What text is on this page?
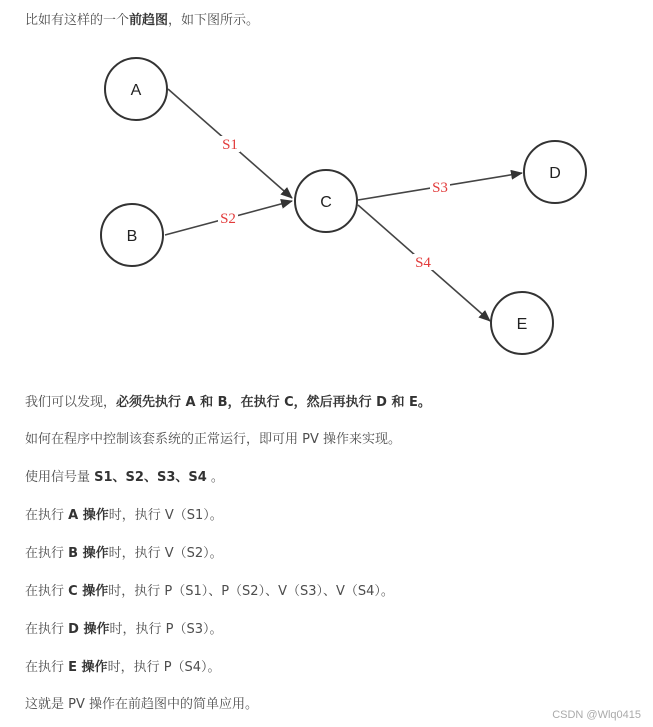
比如有这样的一个前趋图，如下图所示。

S1
S2
S3
S4
A
B
C
D
E

我们可以发现，必须先执行 A 和 B，在执行 C，然后再执行 D 和 E。

如何在程序中控制该套系统的正常运行，即可用 PV 操作来实现。

使用信号量 S1、S2、S3、S4 。

在执行 A 操作时，执行 V（S1）。

在执行 B 操作时，执行 V（S2）。

在执行 C 操作时，执行 P（S1）、P（S2）、V（S3）、V（S4）。

在执行 D 操作时，执行 P（S3）。

在执行 E 操作时，执行 P（S4）。

这就是 PV 操作在前趋图中的简单应用。

CSDN @Wlq0415
